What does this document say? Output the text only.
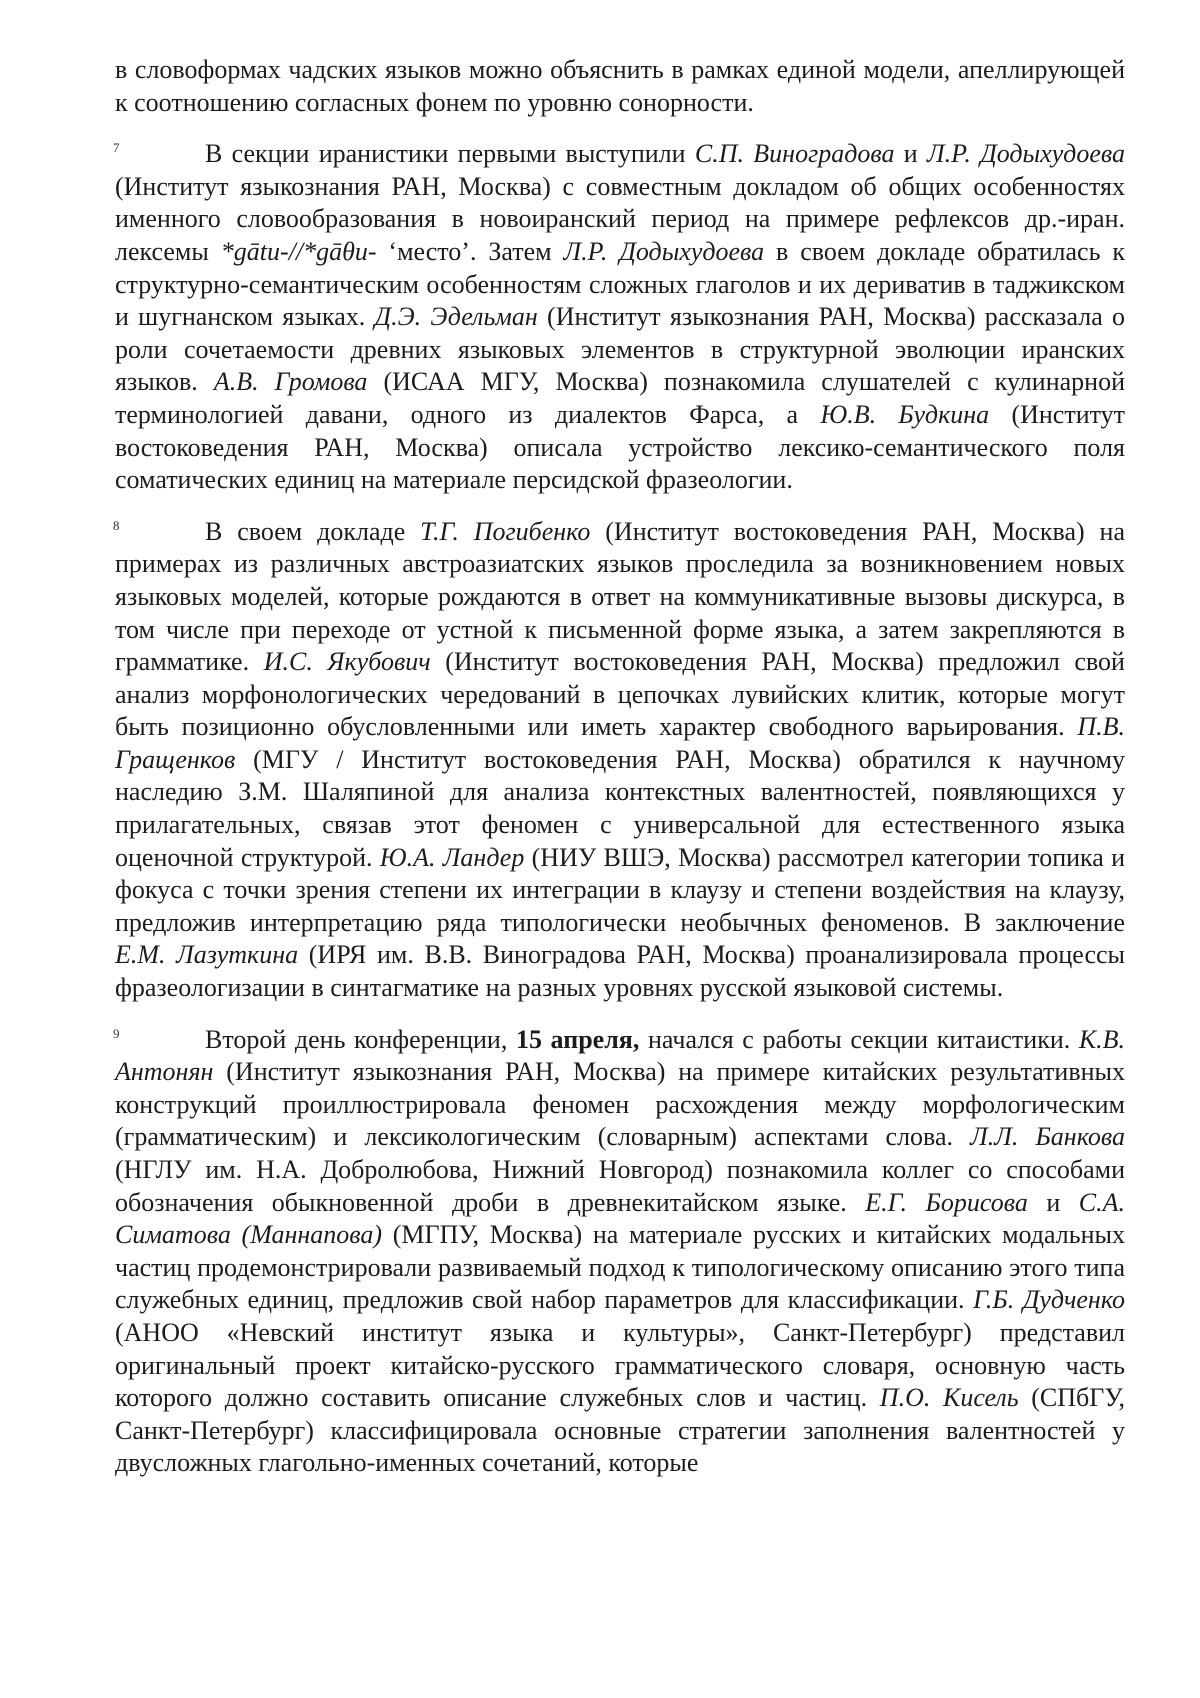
в словоформах чадских языков можно объяснить в рамках единой модели, апеллирующей к соотношению согласных фонем по уровню сонорности.

7	В секции иранистики первыми выступили С.П. Виноградова и Л.Р. Додыхудоева (Институт языкознания РАН, Москва) с совместным докладом об общих особенностях именного словообразования в новоиранский период на примере рефлексов др.-иран. лексемы *gātu-//*gāθu- ‘место’. Затем Л.Р. Додыхудоева в своем докладе обратилась к структурно-семантическим особенностям сложных глаголов и их дериватив в таджикском и шугнанском языках. Д.Э. Эдельман (Институт языкознания РАН, Москва) рассказала о роли сочетаемости древних языковых элементов в структурной эволюции иранских языков. А.В. Громова (ИСАА МГУ, Москва) познакомила слушателей с кулинарной терминологией давани, одного из диалектов Фарса, а Ю.В. Будкина (Институт востоковедения РАН, Москва) описала устройство лексико-семантического поля соматических единиц на материале персидской фразеологии.

8	В своем докладе Т.Г. Погибенко (Институт востоковедения РАН, Москва) на примерах из различных австроазиатских языков проследила за возникновением новых языковых моделей, которые рождаются в ответ на коммуникативные вызовы дискурса, в том числе при переходе от устной к письменной форме языка, а затем закрепляются в грамматике. И.С. Якубович (Институт востоковедения РАН, Москва) предложил свой анализ морфонологических чередований в цепочках лувийских клитик, которые могут быть позиционно обусловленными или иметь характер свободного варьирования. П.В. Гращенков (МГУ / Институт востоковедения РАН, Москва) обратился к научному наследию З.М. Шаляпиной для анализа контекстных валентностей, появляющихся у прилагательных, связав этот феномен с универсальной для естественного языка оценочной структурой. Ю.А. Ландер (НИУ ВШЭ, Москва) рассмотрел категории топика и фокуса с точки зрения степени их интеграции в клаузу и степени воздействия на клаузу, предложив интерпретацию ряда типологически необычных феноменов. В заключение Е.М. Лазуткина (ИРЯ им. В.В. Виноградова РАН, Москва) проанализировала процессы фразеологизации в синтагматике на разных уровнях русской языковой системы.

9	Второй день конференции, 15 апреля, начался с работы секции китаистики. К.В. Антонян (Институт языкознания РАН, Москва) на примере китайских результативных конструкций проиллюстрировала феномен расхождения между морфологическим (грамматическим) и лексикологическим (словарным) аспектами слова. Л.Л. Банкова (НГЛУ им. Н.А. Добролюбова, Нижний Новгород) познакомила коллег со способами обозначения обыкновенной дроби в древнекитайском языке. Е.Г. Борисова и С.А. Симатова (Маннапова) (МГПУ, Москва) на материале русских и китайских модальных частиц продемонстрировали развиваемый подход к типологическому описанию этого типа служебных единиц, предложив свой набор параметров для классификации. Г.Б. Дудченко (АНОО «Невский институт языка и культуры», Санкт-Петербург) представил оригинальный проект китайско-русского грамматического словаря, основную часть которого должно составить описание служебных слов и частиц. П.О. Кисель (СПбГУ, Санкт-Петербург) классифицировала основные стратегии заполнения валентностей у двусложных глагольно-именных сочетаний, которые
